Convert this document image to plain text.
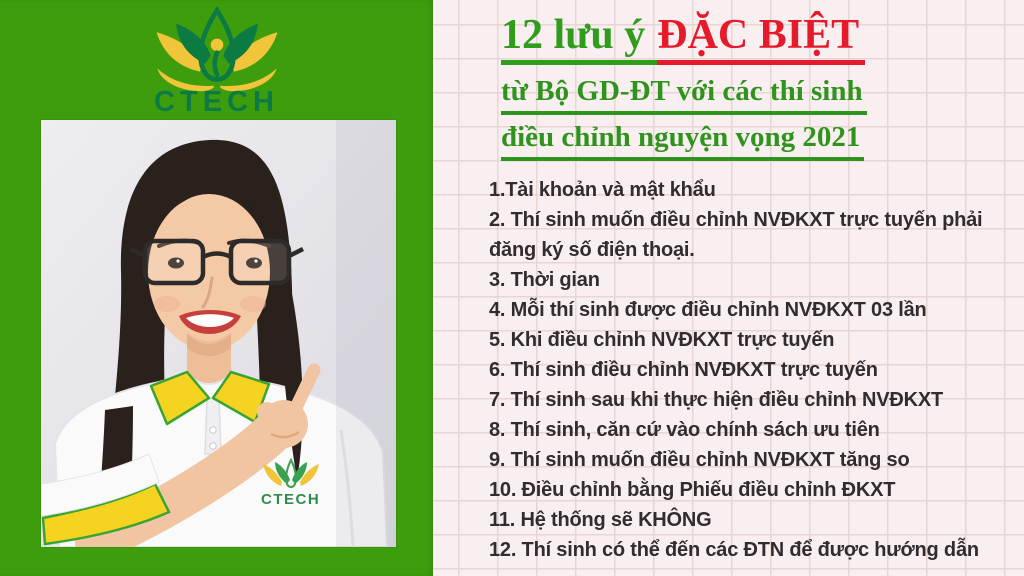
CTECH
CTECH
12 lưu ý ĐẶC BIỆT
từ Bộ GD-ĐT với các thí sinh
điều chỉnh nguyện vọng 2021
1.Tài khoản và mật khẩu
2. Thí sinh muốn điều chỉnh NVĐKXT trực tuyến phải đăng ký số điện thoại.
3. Thời gian
4. Mỗi thí sinh được điều chỉnh NVĐKXT 03 lần
5. Khi điều chỉnh NVĐKXT trực tuyến
6. Thí sinh điều chỉnh NVĐKXT trực tuyến
7. Thí sinh sau khi thực hiện điều chỉnh NVĐKXT
8. Thí sinh, căn cứ vào chính sách ưu tiên
9. Thí sinh muốn điều chỉnh NVĐKXT tăng so
10. Điều chỉnh bằng Phiếu điều chỉnh ĐKXT
11. Hệ thống sẽ KHÔNG
12. Thí sinh có thể đến các ĐTN để được hướng dẫn
